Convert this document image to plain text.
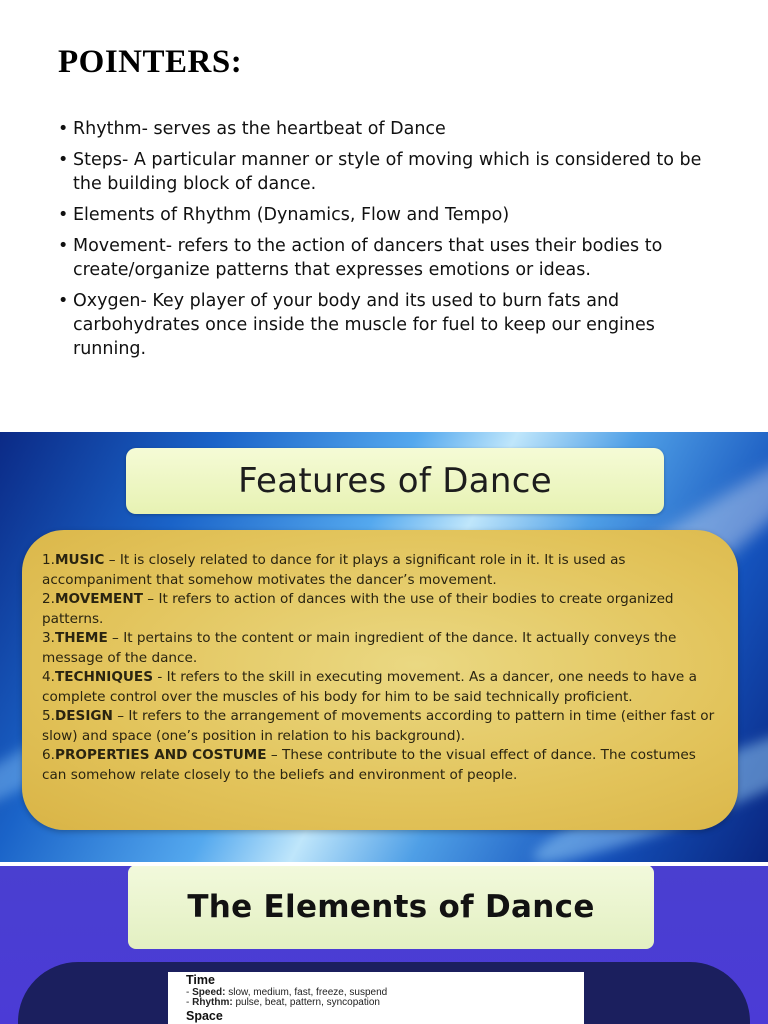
POINTERS:
• Rhythm- serves as the heartbeat of Dance
• Steps- A particular manner or style of moving which is considered to be the building block of dance.
• Elements of Rhythm (Dynamics, Flow and Tempo)
• Movement- refers to the action of dancers that uses their bodies to create/organize patterns that expresses emotions or ideas.
• Oxygen- Key player of your body and its used to burn fats and carbohydrates once inside the muscle for fuel to keep our engines running.
Features of Dance
1.MUSIC – It is closely related to dance for it plays a significant role in it. It is used as accompaniment that somehow motivates the dancer’s movement.
2.MOVEMENT – It refers to action of dances with the use of their bodies to create organized patterns.
3.THEME – It pertains to the content or main ingredient of the dance. It actually conveys the message of the dance.
4.TECHNIQUES - It refers to the skill in executing movement. As a dancer, one needs to have a complete control over the muscles of his body for him to be said technically proficient.
5.DESIGN – It refers to the arrangement of movements according to pattern in time (either fast or slow) and space (one’s position in relation to his background).
6.PROPERTIES AND COSTUME – These contribute to the visual effect of dance. The costumes can somehow relate closely to the beliefs and environment of people.
The Elements of Dance
Time
- Speed: slow, medium, fast, freeze, suspend
- Rhythm: pulse, beat, pattern, syncopation
Space
